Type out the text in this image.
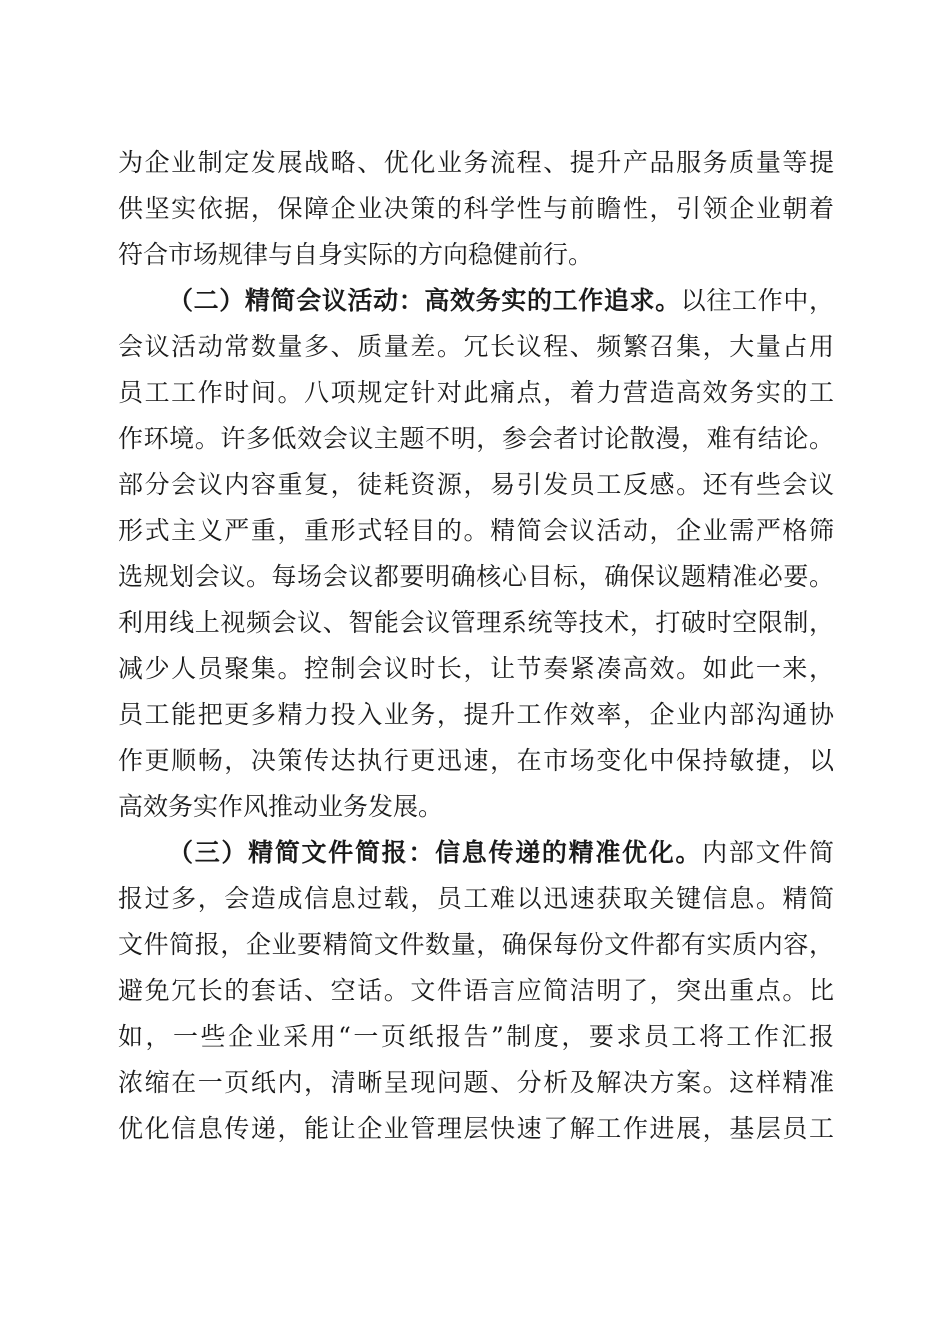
为企业制定发展战略、优化业务流程、提升产品服务质量等提
供坚实依据，保障企业决策的科学性与前瞻性，引领企业朝着
符合市场规律与自身实际的方向稳健前行。
（二）精简会议活动：高效务实的工作追求。以往工作中，
会议活动常数量多、质量差。冗长议程、频繁召集，大量占用
员工工作时间。八项规定针对此痛点，着力营造高效务实的工
作环境。许多低效会议主题不明，参会者讨论散漫，难有结论。
部分会议内容重复，徒耗资源，易引发员工反感。还有些会议
形式主义严重，重形式轻目的。精简会议活动，企业需严格筛
选规划会议。每场会议都要明确核心目标，确保议题精准必要。
利用线上视频会议、智能会议管理系统等技术，打破时空限制，
减少人员聚集。控制会议时长，让节奏紧凑高效。如此一来，
员工能把更多精力投入业务，提升工作效率，企业内部沟通协
作更顺畅，决策传达执行更迅速，在市场变化中保持敏捷，以
高效务实作风推动业务发展。
（三）精简文件简报：信息传递的精准优化。内部文件简
报过多，会造成信息过载，员工难以迅速获取关键信息。精简
文件简报，企业要精简文件数量，确保每份文件都有实质内容，
避免冗长的套话、空话。文件语言应简洁明了，突出重点。比
如，一些企业采用“一页纸报告”制度，要求员工将工作汇报
浓缩在一页纸内，清晰呈现问题、分析及解决方案。这样精准
优化信息传递，能让企业管理层快速了解工作进展，基层员工
